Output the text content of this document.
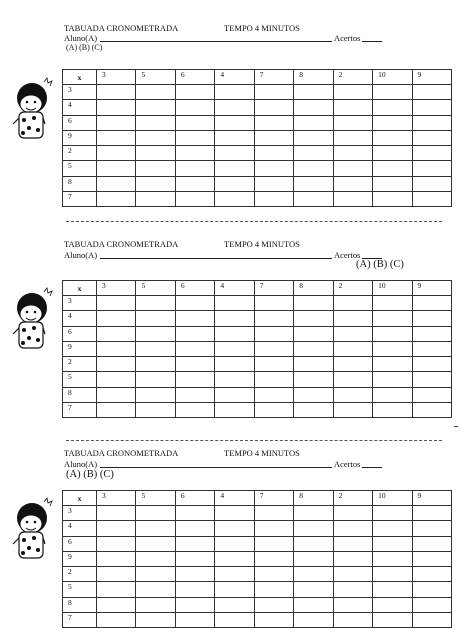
TABUADA CRONOMETRADA	TEMPO 4 MINUTOS
Aluno(A)	Acertos
(A) (B) (C)
x	3	5	6	4	7	8	2	10	9
3									
4									
6									
9									
2									
5									
8									
7									
TABUADA CRONOMETRADA	TEMPO 4 MINUTOS
Aluno(A)	Acertos
(A) (B) (C)
x	3	5	6	4	7	8	2	10	9
3									
4									
6									
9									
2									
5									
8									
7									
TABUADA CRONOMETRADA	TEMPO 4 MINUTOS
Aluno(A)	Acertos
(A) (B) (C)
x	3	5	6	4	7	8	2	10	9
3									
4									
6									
9									
2									
5									
8									
7									
